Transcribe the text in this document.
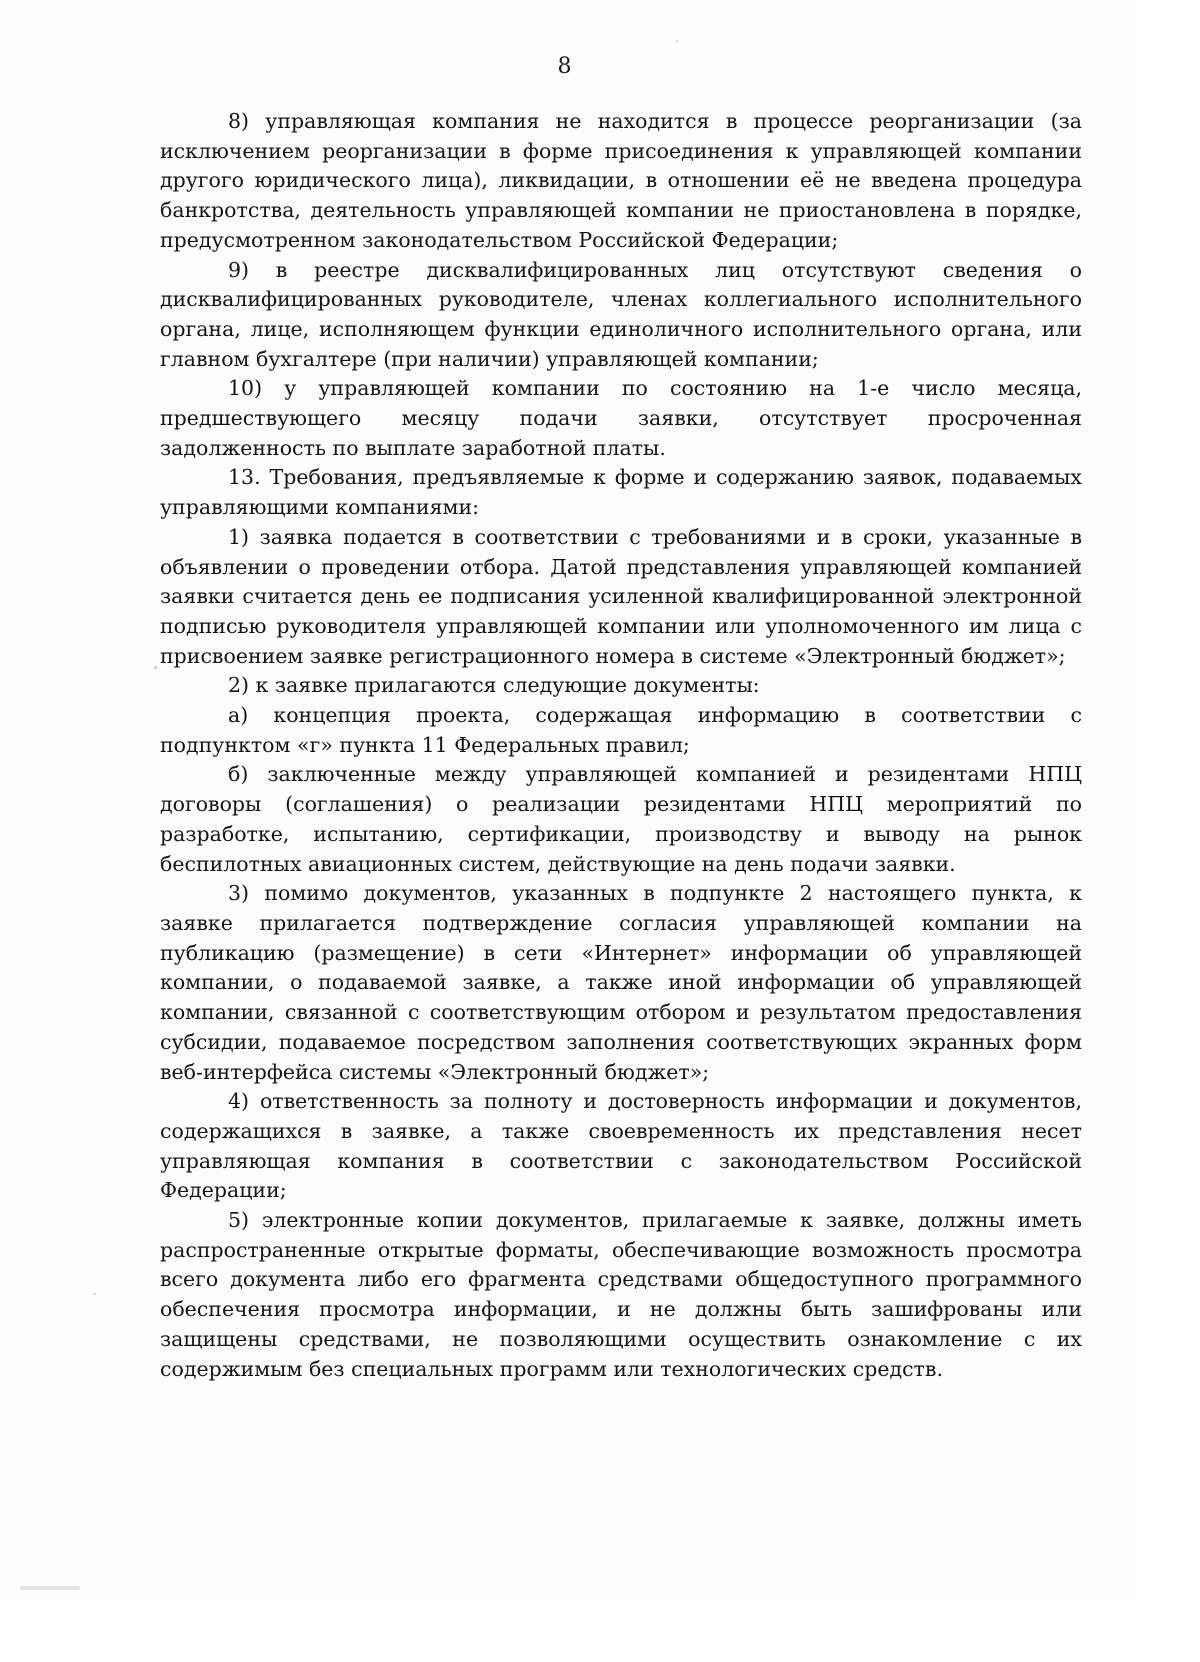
8

8) управляющая компания не находится в процессе реорганизации (за исключением реорганизации в форме присоединения к управляющей компании другого юридического лица), ликвидации, в отношении её не введена процедура банкротства, деятельность управляющей компании не приостановлена в порядке, предусмотренном законодательством Российской Федерации;

9) в реестре дисквалифицированных лиц отсутствуют сведения о дисквалифицированных руководителе, членах коллегиального исполнительного органа, лице, исполняющем функции единоличного исполнительного органа, или главном бухгалтере (при наличии) управляющей компании;

10) у управляющей компании по состоянию на 1-е число месяца, предшествующего месяцу подачи заявки, отсутствует просроченная задолженность по выплате заработной платы.

13. Требования, предъявляемые к форме и содержанию заявок, подаваемых управляющими компаниями:

1) заявка подается в соответствии с требованиями и в сроки, указанные в объявлении о проведении отбора. Датой представления управляющей компанией заявки считается день ее подписания усиленной квалифицированной электронной подписью руководителя управляющей компании или уполномоченного им лица с присвоением заявке регистрационного номера в системе «Электронный бюджет»;

2) к заявке прилагаются следующие документы:

а) концепция проекта, содержащая информацию в соответствии с подпунктом «г» пункта 11 Федеральных правил;

б) заключенные между управляющей компанией и резидентами НПЦ договоры (соглашения) о реализации резидентами НПЦ мероприятий по разработке, испытанию, сертификации, производству и выводу на рынок беспилотных авиационных систем, действующие на день подачи заявки.

3) помимо документов, указанных в подпункте 2 настоящего пункта, к заявке прилагается подтверждение согласия управляющей компании на публикацию (размещение) в сети «Интернет» информации об управляющей компании, о подаваемой заявке, а также иной информации об управляющей компании, связанной с соответствующим отбором и результатом предоставления субсидии, подаваемое посредством заполнения соответствующих экранных форм веб-интерфейса системы «Электронный бюджет»;

4) ответственность за полноту и достоверность информации и документов, содержащихся в заявке, а также своевременность их представления несет управляющая компания в соответствии с законодательством Российской Федерации;

5) электронные копии документов, прилагаемые к заявке, должны иметь распространенные открытые форматы, обеспечивающие возможность просмотра всего документа либо его фрагмента средствами общедоступного программного обеспечения просмотра информации, и не должны быть зашифрованы или защищены средствами, не позволяющими осуществить ознакомление с их содержимым без специальных программ или технологических средств.
